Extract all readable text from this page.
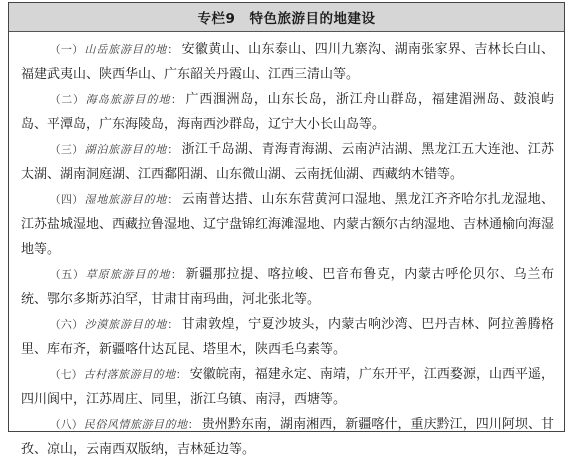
专栏9 特色旅游目的地建设

（一）山岳旅游目的地： 安徽黄山、山东泰山、四川九寨沟、湖南张家界、吉林长白山、福建武夷山、陕西华山、广东韶关丹霞山、江西三清山等。

（二）海岛旅游目的地： 广西涠洲岛，山东长岛，浙江舟山群岛，福建湄洲岛、鼓浪屿岛、平潭岛，广东海陵岛，海南西沙群岛，辽宁大小长山岛等。

（三）湖泊旅游目的地： 浙江千岛湖、青海青海湖、云南泸沽湖、黑龙江五大连池、江苏太湖、湖南洞庭湖、江西鄱阳湖、山东微山湖、云南抚仙湖、西藏纳木错等。

（四）湿地旅游目的地： 云南普达措、山东东营黄河口湿地、黑龙江齐齐哈尔扎龙湿地、江苏盐城湿地、西藏拉鲁湿地、辽宁盘锦红海滩湿地、内蒙古额尔古纳湿地、吉林通榆向海湿地等。

（五）草原旅游目的地： 新疆那拉提、喀拉峻、巴音布鲁克，内蒙古呼伦贝尔、乌兰布统、鄂尔多斯苏泊罕，甘肃甘南玛曲，河北张北等。

（六）沙漠旅游目的地： 甘肃敦煌，宁夏沙坡头，内蒙古响沙湾、巴丹吉林、阿拉善腾格里、库布齐，新疆喀什达瓦昆、塔里木，陕西毛乌素等。

（七）古村落旅游目的地： 安徽皖南，福建永定、南靖，广东开平，江西婺源，山西平遥，四川阆中，江苏周庄、同里，浙江乌镇、南浔，西塘等。

（八）民俗风情旅游目的地： 贵州黔东南，湖南湘西，新疆喀什，重庆黔江，四川阿坝、甘孜、凉山，云南西双版纳，吉林延边等。
